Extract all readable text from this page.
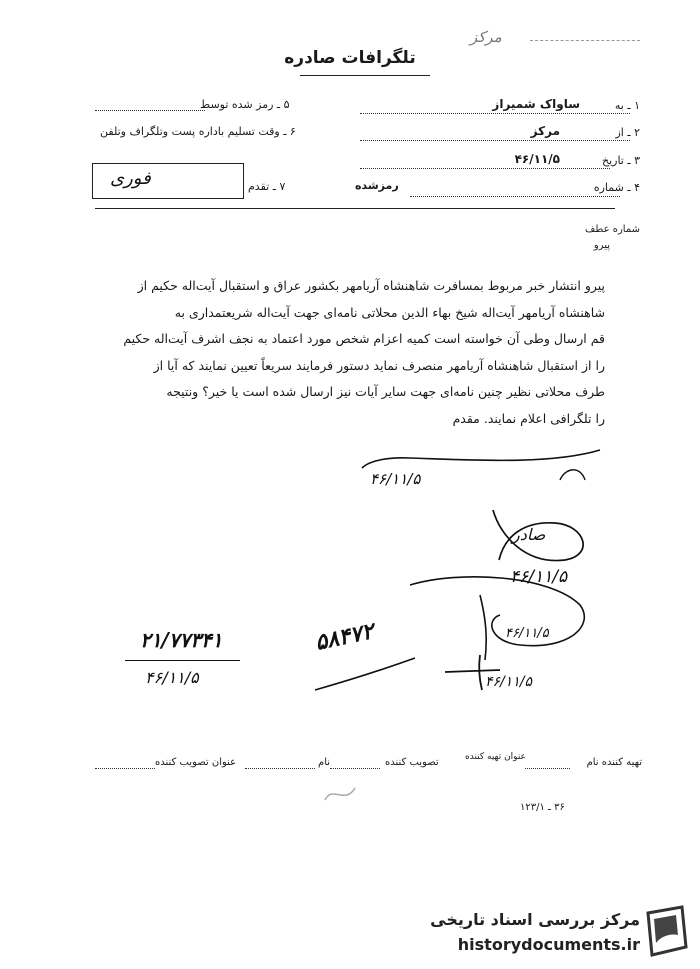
مرکز
تلگرافات صادره
۱ ـ به
ساواک شمیراز
۲ ـ از
مرکز
۳ ـ تاریخ
۴۶/۱۱/۵
۴ ـ شماره
رمزشده
۵ ـ رمز شده توسط
۶ ـ وقت تسلیم باداره پست وتلگراف وتلفن
فوری	۷ ـ تقدم
شماره عطف
پیرو

پیرو انتشار خبر مربوط بمسافرت شاهنشاه آریامهر بکشور عراق و استقبال آیت‌اله حکیم از

شاهنشاه آریامهر آیت‌اله شیخ بهاء الدین محلاتی نامه‌ای جهت آیت‌اله شریعتمداری به

قم ارسال وطی آن خواسته است کمیه اعزام شخص مورد اعتماد به نجف اشرف آیت‌اله حکیم

را از استقبال شاهنشاه آریامهر منصرف نماید دستور فرمایند سریعاً تعیین نمایند که آیا از

طرف محلاتی نظیر چنین نامه‌ای جهت سایر آیات نیز ارسال شده است یا خیر؟ ونتیجه

را تلگرافی اعلام نمایند. مقدم

۴۶/۱۱/۵
صادر
۴۶/۱۱/۵
۴۶/۱۱/۵
۴۶/۱۱/۵
۲۱/۷۷۳۴۱
۴۶/۱۱/۵
۵۸۴۷۲
تهیه کننده نام
عنوان تهیه کننده
تصویب کننده
نام
عنوان تصویب کننده
۳۶ ـ ۱۲۳/۱
مرکز بررسی اسناد تاریخی
historydocuments.ir
